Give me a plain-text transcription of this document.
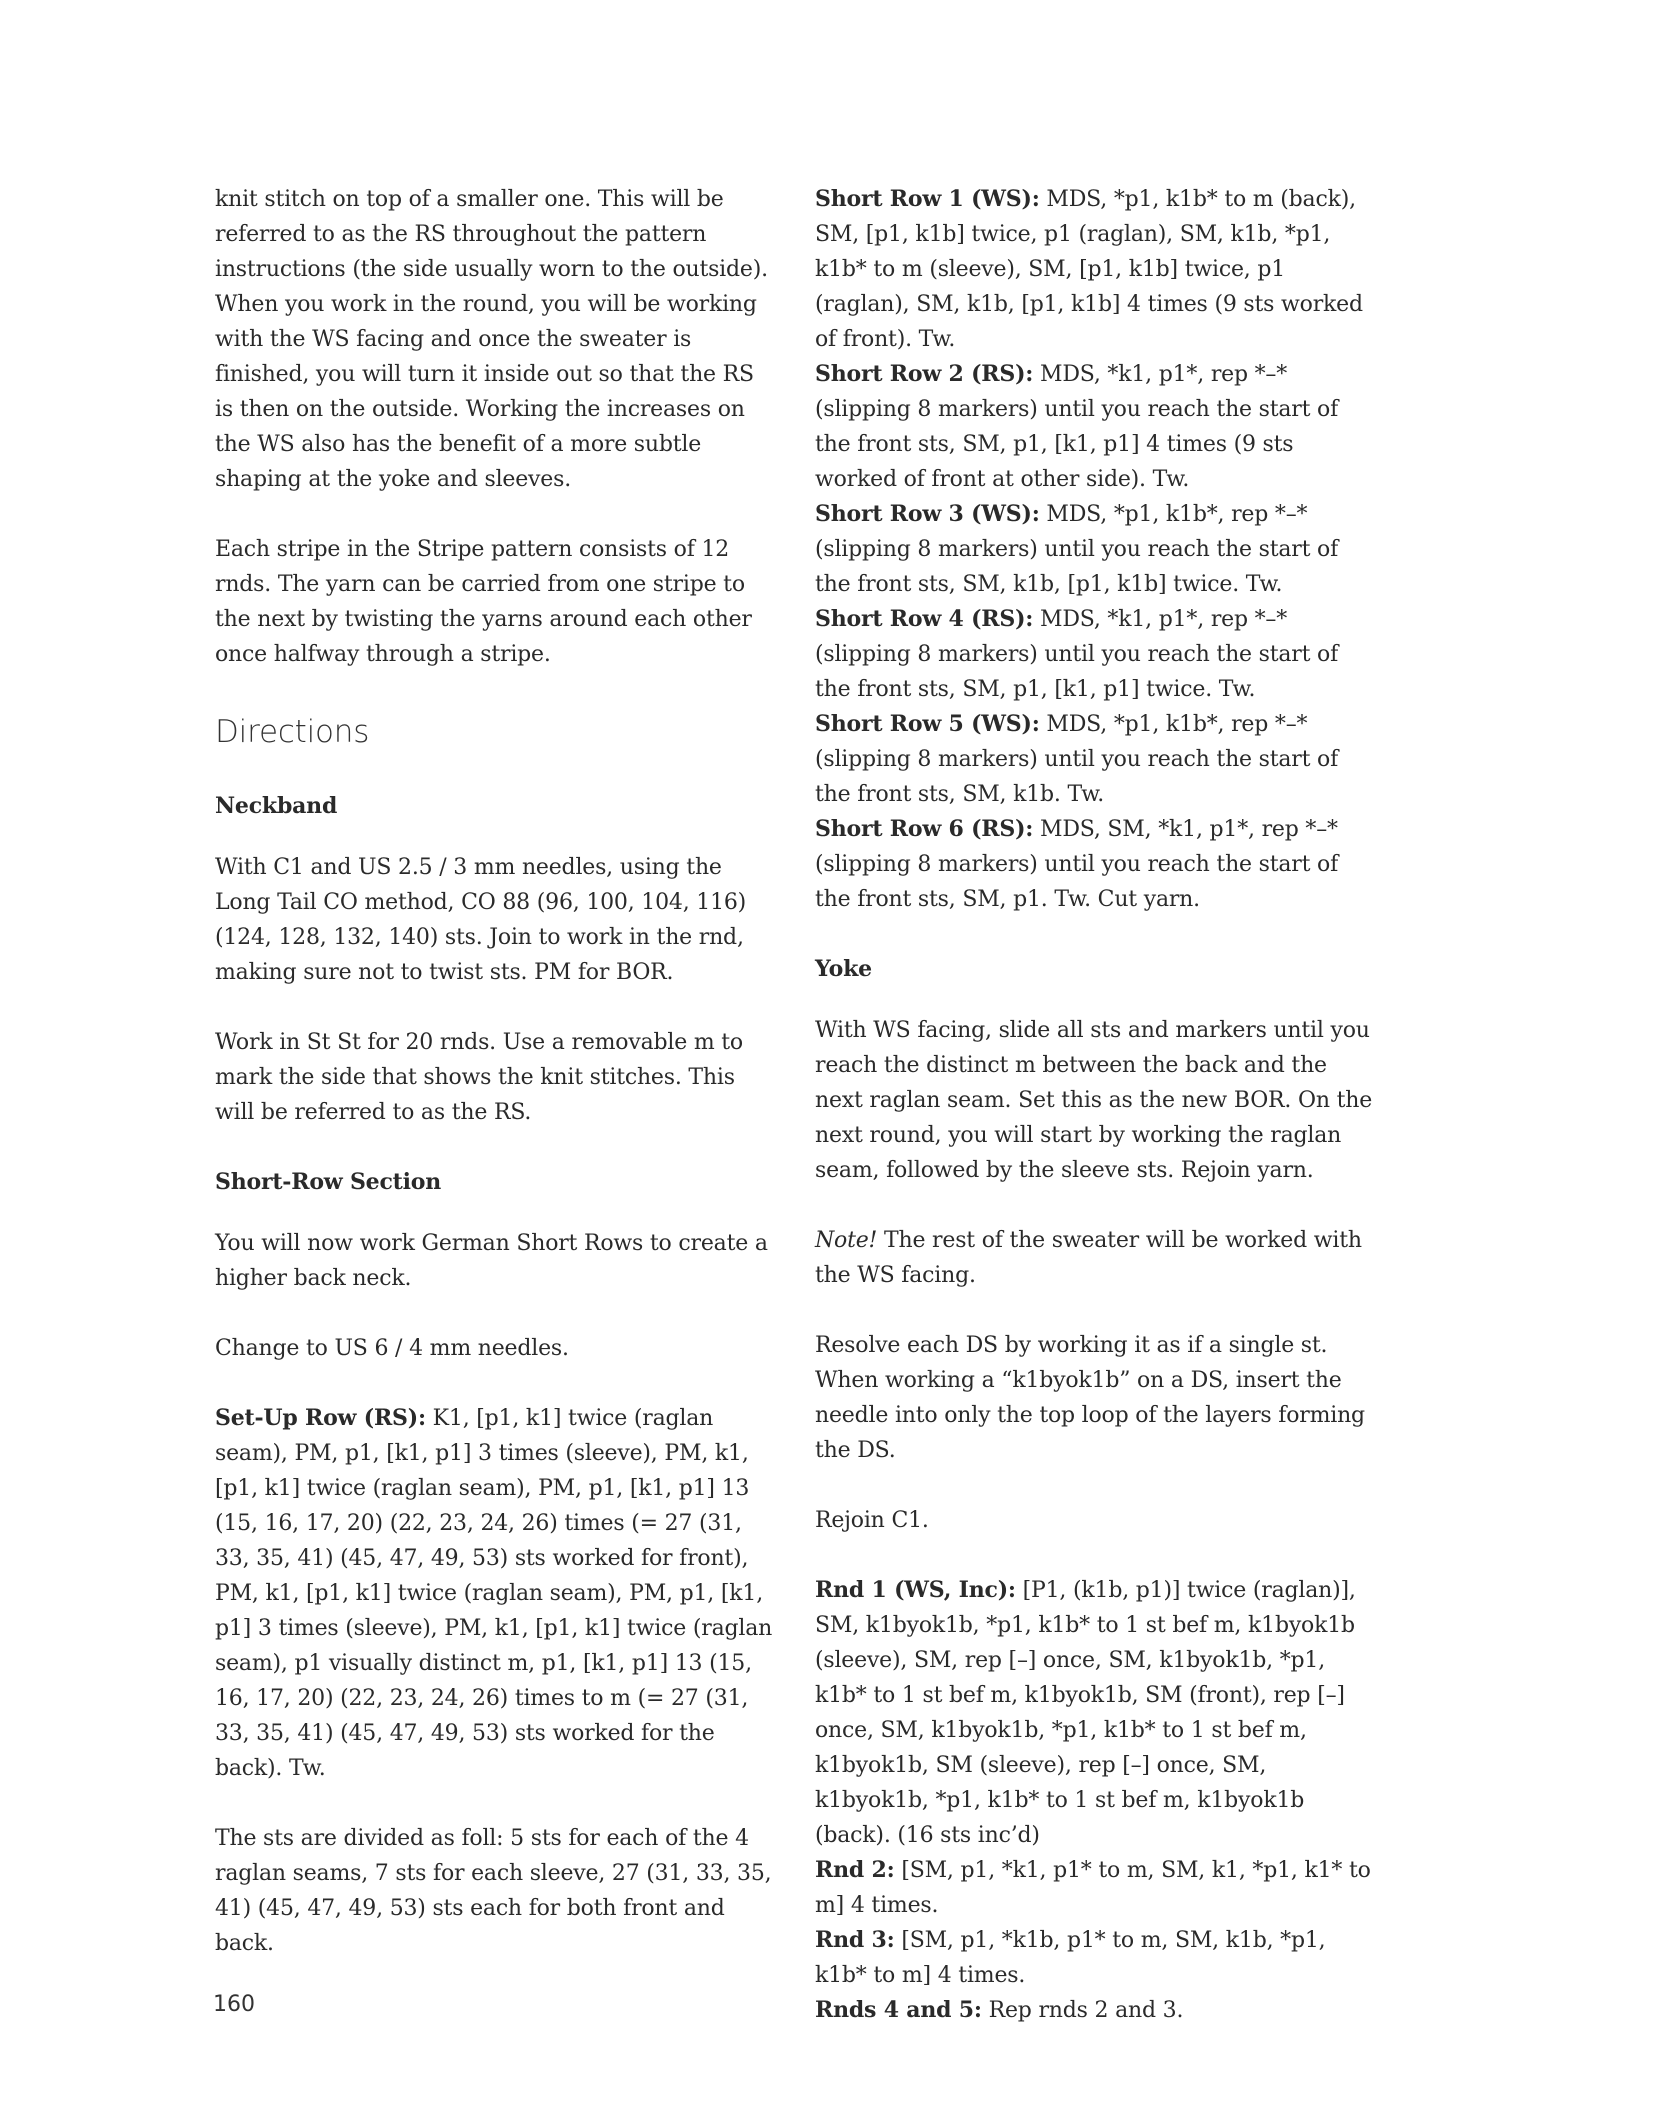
knit stitch on top of a smaller one. This will be referred to as the RS throughout the pattern instructions (the side usually worn to the outside). When you work in the round, you will be working with the WS facing and once the sweater is finished, you will turn it inside out so that the RS is then on the outside. Working the increases on the WS also has the benefit of a more subtle shaping at the yoke and sleeves.

Each stripe in the Stripe pattern consists of 12 rnds. The yarn can be carried from one stripe to the next by twisting the yarns around each other once halfway through a stripe.

Directions
Neckband

With C1 and US 2.5 / 3 mm needles, using the Long Tail CO method, CO 88 (96, 100, 104, 116) (124, 128, 132, 140) sts. Join to work in the rnd, making sure not to twist sts. PM for BOR.

Work in St St for 20 rnds. Use a removable m to mark the side that shows the knit stitches. This will be referred to as the RS.

Short-Row Section

You will now work German Short Rows to create a higher back neck.

Change to US 6 / 4 mm needles.

Set-Up Row (RS): K1, [p1, k1] twice (raglan seam), PM, p1, [k1, p1] 3 times (sleeve), PM, k1, [p1, k1] twice (raglan seam), PM, p1, [k1, p1] 13 (15, 16, 17, 20) (22, 23, 24, 26) times (= 27 (31, 33, 35, 41) (45, 47, 49, 53) sts worked for front), PM, k1, [p1, k1] twice (raglan seam), PM, p1, [k1, p1] 3 times (sleeve), PM, k1, [p1, k1] twice (raglan seam), p1 visually distinct m, p1, [k1, p1] 13 (15, 16, 17, 20) (22, 23, 24, 26) times to m (= 27 (31, 33, 35, 41) (45, 47, 49, 53) sts worked for the back). Tw.

The sts are divided as foll: 5 sts for each of the 4 raglan seams, 7 sts for each sleeve, 27 (31, 33, 35, 41) (45, 47, 49, 53) sts each for both front and back.

Short Row 1 (WS): MDS, *p1, k1b* to m (back), SM, [p1, k1b] twice, p1 (raglan), SM, k1b, *p1, k1b* to m (sleeve), SM, [p1, k1b] twice, p1 (raglan), SM, k1b, [p1, k1b] 4 times (9 sts worked of front). Tw.

Short Row 2 (RS): MDS, *k1, p1*, rep *–* (slipping 8 markers) until you reach the start of the front sts, SM, p1, [k1, p1] 4 times (9 sts worked of front at other side). Tw.

Short Row 3 (WS): MDS, *p1, k1b*, rep *–* (slipping 8 markers) until you reach the start of the front sts, SM, k1b, [p1, k1b] twice. Tw.

Short Row 4 (RS): MDS, *k1, p1*, rep *–* (slipping 8 markers) until you reach the start of the front sts, SM, p1, [k1, p1] twice. Tw.

Short Row 5 (WS): MDS, *p1, k1b*, rep *–* (slipping 8 markers) until you reach the start of the front sts, SM, k1b. Tw.

Short Row 6 (RS): MDS, SM, *k1, p1*, rep *–* (slipping 8 markers) until you reach the start of the front sts, SM, p1. Tw. Cut yarn.

Yoke

With WS facing, slide all sts and markers until you reach the distinct m between the back and the next raglan seam. Set this as the new BOR. On the next round, you will start by working the raglan seam, followed by the sleeve sts. Rejoin yarn.

Note! The rest of the sweater will be worked with the WS facing.

Resolve each DS by working it as if a single st. When working a “k1byok1b” on a DS, insert the needle into only the top loop of the layers forming the DS.

Rejoin C1.

Rnd 1 (WS, Inc): [P1, (k1b, p1)] twice (raglan)], SM, k1byok1b, *p1, k1b* to 1 st bef m, k1byok1b (sleeve), SM, rep [–] once, SM, k1byok1b, *p1, k1b* to 1 st bef m, k1byok1b, SM (front), rep [–] once, SM, k1byok1b, *p1, k1b* to 1 st bef m, k1byok1b, SM (sleeve), rep [–] once, SM, k1byok1b, *p1, k1b* to 1 st bef m, k1byok1b (back). (16 sts inc’d)

Rnd 2: [SM, p1, *k1, p1* to m, SM, k1, *p1, k1* to m] 4 times.

Rnd 3: [SM, p1, *k1b, p1* to m, SM, k1b, *p1, k1b* to m] 4 times.

Rnds 4 and 5: Rep rnds 2 and 3.

160
